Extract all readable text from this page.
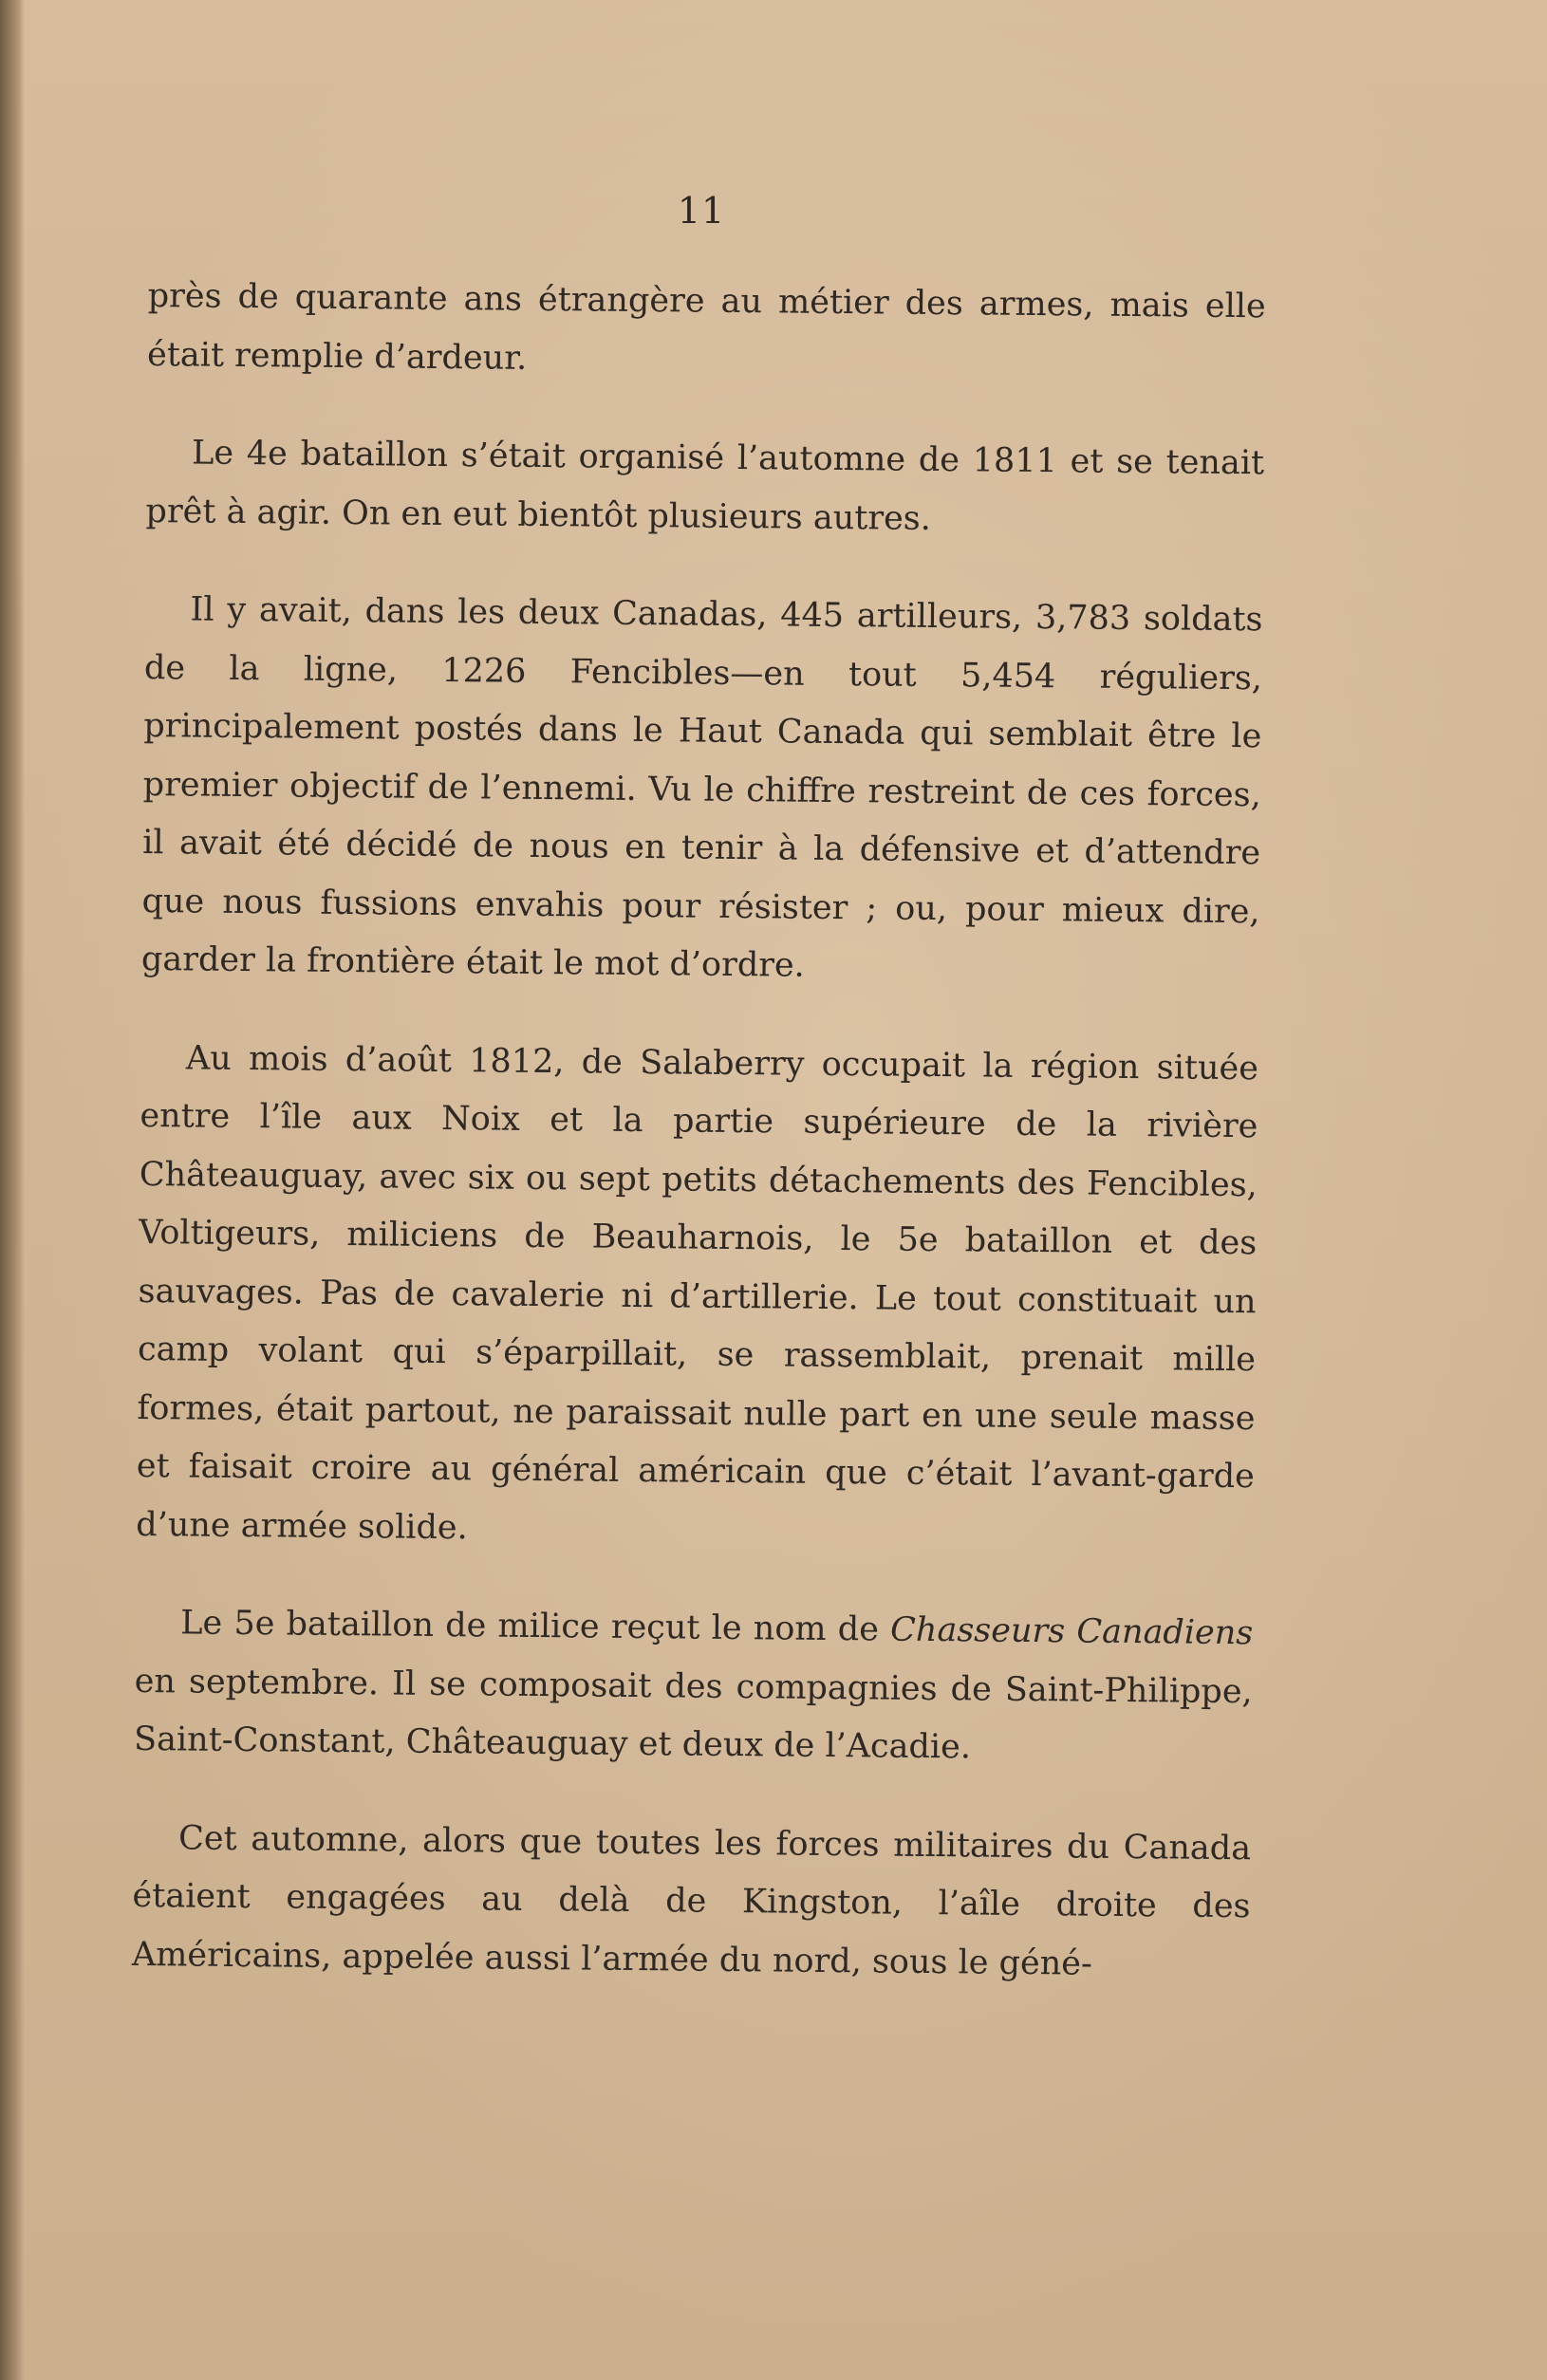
11

près de quarante ans étrangère au métier des armes, mais elle était remplie d’ardeur.

Le 4e bataillon s’était organisé l’automne de 1811 et se tenait prêt à agir. On en eut bientôt plusieurs autres.

Il y avait, dans les deux Canadas, 445 artilleurs, 3,783 soldats de la ligne, 1226 Fencibles—en tout 5,454 réguliers, principalement postés dans le Haut Canada qui semblait être le premier objectif de l’ennemi. Vu le chiffre restreint de ces forces, il avait été décidé de nous en tenir à la défensive et d’attendre que nous fussions envahis pour résister ; ou, pour mieux dire, garder la frontière était le mot d’ordre.

Au mois d’août 1812, de Salaberry occupait la région située entre l’île aux Noix et la partie supérieure de la rivière Châteauguay, avec six ou sept petits détachements des Fencibles, Voltigeurs, miliciens de Beauharnois, le 5e bataillon et des sauvages. Pas de cavalerie ni d’artillerie. Le tout constituait un camp volant qui s’éparpillait, se rassemblait, prenait mille formes, était partout, ne paraissait nulle part en une seule masse et faisait croire au général américain que c’était l’avant-garde d’une armée solide.

Le 5e bataillon de milice reçut le nom de Chasseurs Canadiens en septembre. Il se composait des compagnies de Saint-Philippe, Saint-Constant, Châteauguay et deux de l’Acadie.

Cet automne, alors que toutes les forces militaires du Canada étaient engagées au delà de Kingston, l’aîle droite des Américains, appelée aussi l’armée du nord, sous le géné-
